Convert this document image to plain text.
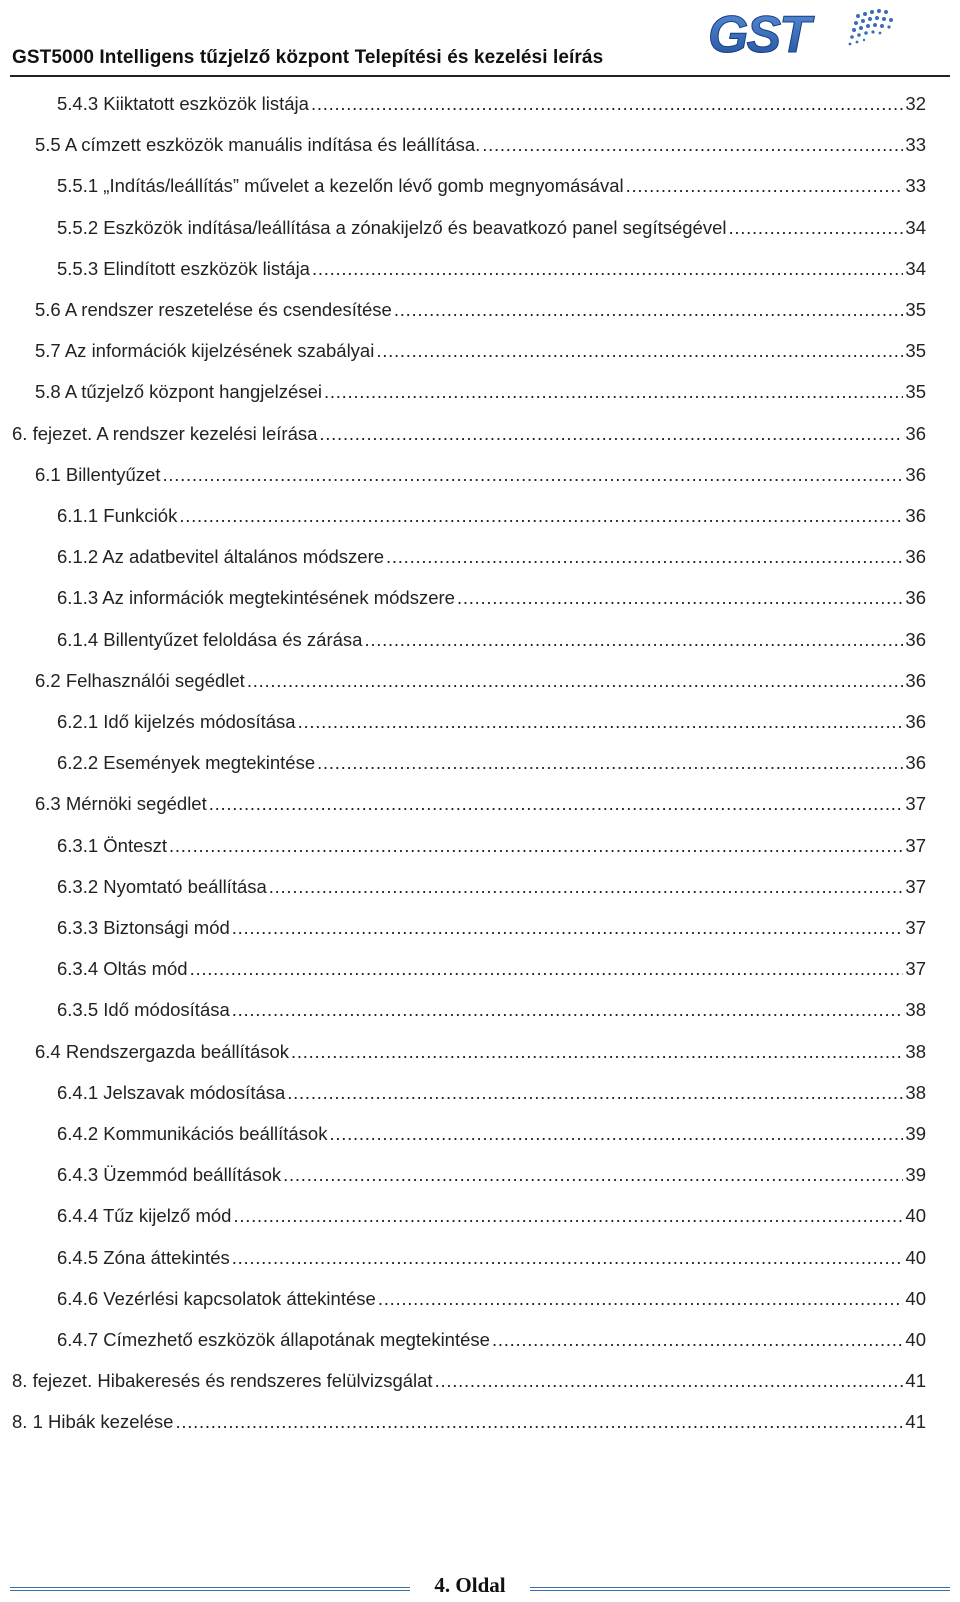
GST5000 Intelligens tűzjelző központ Telepítési és kezelési leírás GST
5.4.3 Kiiktatott eszközök listája . . .	32
5.5 A címzett eszközök manuális indítása és leállítása. . . .	33
5.5.1 „Indítás/leállítás” művelet a kezelőn lévő gomb megnyomásával . . .	33
5.5.2 Eszközök indítása/leállítása a zónakijelző és beavatkozó panel segítségével . . .	34
5.5.3 Elindított eszközök listája . . .	34
5.6 A rendszer reszetelése és csendesítése . . .	35
5.7 Az információk kijelzésének szabályai . . .	35
5.8 A tűzjelző központ hangjelzései . . .	35
6. fejezet. A rendszer kezelési leírása . . .	36
6.1 Billentyűzet . . .	36
6.1.1 Funkciók . . .	36
6.1.2 Az adatbevitel általános módszere . . .	36
6.1.3 Az információk megtekintésének módszere . . .	36
6.1.4 Billentyűzet feloldása és zárása . . .	36
6.2 Felhasználói segédlet . . .	36
6.2.1 Idő kijelzés módosítása . . .	36
6.2.2 Események megtekintése . . .	36
6.3 Mérnöki segédlet . . .	37
6.3.1 Önteszt . . .	37
6.3.2 Nyomtató beállítása . . .	37
6.3.3 Biztonsági mód . . .	37
6.3.4 Oltás mód . . .	37
6.3.5 Idő módosítása . . .	38
6.4 Rendszergazda beállítások . . .	38
6.4.1 Jelszavak módosítása . . .	38
6.4.2 Kommunikációs beállítások . . .	39
6.4.3 Üzemmód beállítások . . .	39
6.4.4 Tűz kijelző mód . . .	40
6.4.5 Zóna áttekintés . . .	40
6.4.6 Vezérlési kapcsolatok áttekintése . . .	40
6.4.7 Címezhető eszközök állapotának megtekintése . . .	40
8. fejezet. Hibakeresés és rendszeres felülvizsgálat . . .	41
8. 1 Hibák kezelése . . .	41
4. Oldal
